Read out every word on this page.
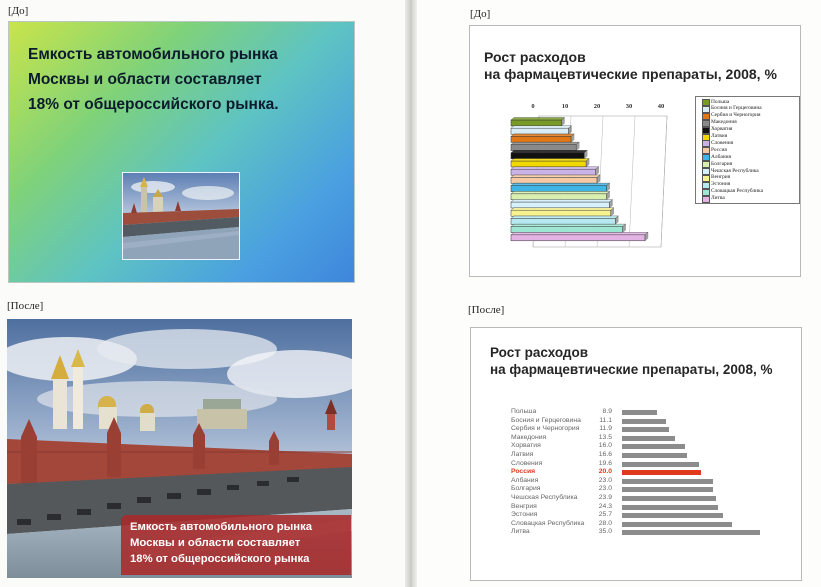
[До]
[После]
[До]
[После]
Емкость автомобильного рынка
Москвы и области составляет
18% от общероссийского рынка.
Емкость автомобильного рынка
Москвы и области составляет
18% от общероссийского рынка
Рост расходов
на фармацевтические препараты, 2008, %
0	10	20	30	40
Польша
Босния и Герцеговина
Сербия и Черногория
Македония
Хорватия
Латвия
Словения
Россия
Албания
Болгария
Чешская Республика
Венгрия
Эстония
Словацкая Республика
Литва
Рост расходов
на фармацевтические препараты, 2008, %
Польша	8.9
Босния и Герцеговина	11.1
Сербия и Черногория	11.9
Македония	13.5
Хорватия	16.0
Латвия	16.6
Словения	19.6
Россия	20.0
Албания	23.0
Болгария	23.0
Чешская Республика	23.9
Венгрия	24.3
Эстония	25.7
Словацкая Республика	28.0
Литва	35.0
